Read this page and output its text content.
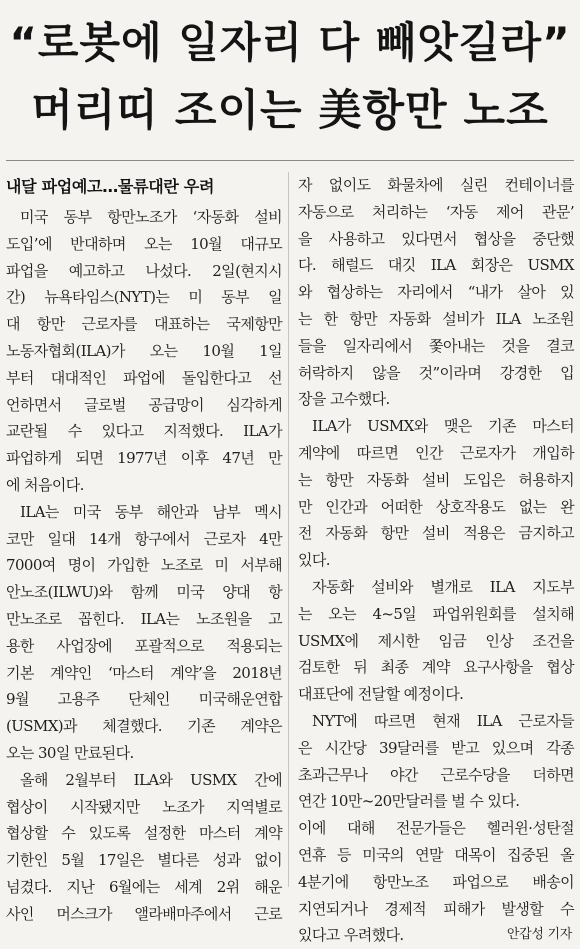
“로봇에 일자리 다 빼앗길라”
머리띠 조이는 美항만 노조
내달 파업예고…물류대란 우려
미국 동부 항만노조가 ‘자동화 설비
도입’에 반대하며 오는 10월 대규모
파업을 예고하고 나섰다. 2일(현지시
간) 뉴욕타임스(NYT)는 미 동부 일
대 항만 근로자를 대표하는 국제항만
노동자협회(ILA)가 오는 10월 1일
부터 대대적인 파업에 돌입한다고 선
언하면서 글로벌 공급망이 심각하게
교란될 수 있다고 지적했다. ILA가
파업하게 되면 1977년 이후 47년 만
에 처음이다.
ILA는 미국 동부 해안과 남부 멕시
코만 일대 14개 항구에서 근로자 4만
7000여 명이 가입한 노조로 미 서부해
안노조(ILWU)와 함께 미국 양대 항
만노조로 꼽힌다. ILA는 노조원을 고
용한 사업장에 포괄적으로 적용되는
기본 계약인 ‘마스터 계약’을 2018년
9월 고용주 단체인 미국해운연합
(USMX)과 체결했다. 기존 계약은
오는 30일 만료된다.
올해 2월부터 ILA와 USMX 간에
협상이 시작됐지만 노조가 지역별로
협상할 수 있도록 설정한 마스터 계약
기한인 5월 17일은 별다른 성과 없이
넘겼다. 지난 6월에는 세계 2위 해운
사인 머스크가 앨라배마주에서 근로
자 없이도 화물차에 실린 컨테이너를
자동으로 처리하는 ‘자동 제어 관문’
을 사용하고 있다면서 협상을 중단했
다. 해럴드 대깃 ILA 회장은 USMX
와 협상하는 자리에서 “내가 살아 있
는 한 항만 자동화 설비가 ILA 노조원
들을 일자리에서 쫓아내는 것을 결코
허락하지 않을 것”이라며 강경한 입
장을 고수했다.
ILA가 USMX와 맺은 기존 마스터
계약에 따르면 인간 근로자가 개입하
는 항만 자동화 설비 도입은 허용하지
만 인간과 어떠한 상호작용도 없는 완
전 자동화 항만 설비 적용은 금지하고
있다.
자동화 설비와 별개로 ILA 지도부
는 오는 4~5일 파업위원회를 설치해
USMX에 제시한 임금 인상 조건을
검토한 뒤 최종 계약 요구사항을 협상
대표단에 전달할 예정이다.
NYT에 따르면 현재 ILA 근로자들
은 시간당 39달러를 받고 있으며 각종
초과근무나 야간 근로수당을 더하면
연간 10만~20만달러를 벌 수 있다.
이에 대해 전문가들은 헬러윈·성탄절
연휴 등 미국의 연말 대목이 집중된 올
4분기에 항만노조 파업으로 배송이
지연되거나 경제적 피해가 발생할 수
있다고 우려했다.	안갑성 기자
